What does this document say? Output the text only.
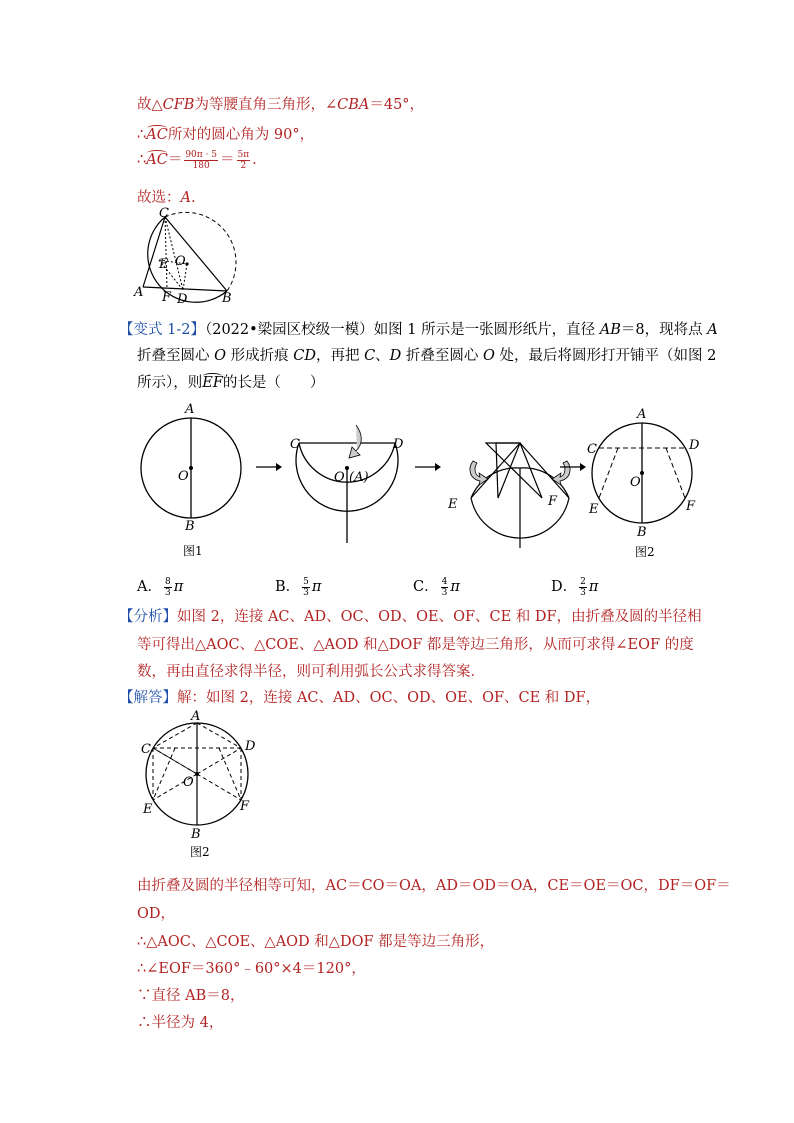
故△CFB为等腰直角三角形，∠CBA＝45°，
∴AC所对的圆心角为 90°，
∴AC＝ $\frac{90\pi \cdot 5}{180} = \frac{5\pi}{2}$ .
故选：A.
C
E O
A F D	B
【变式 1-2】（2022•梁园区校级一模）如图 1 所示是一张圆形纸片，直径 AB＝8，现将点 A
折叠至圆心 O 形成折痕 CD，再把 C、D 折叠至圆心 O 处，最后将圆形打开铺平（如图 2
所示），则EF的长是（　　）
A
O
B
图1
C	D
O (A)
E	F
A
C	D
O
E	F
B
图2
A． $\frac{8}{3}$ π	B． $\frac{5}{3}$ π	C． $\frac{4}{3}$ π	D． $\frac{2}{3}$ π
【分析】如图 2，连接 AC、AD、OC、OD、OE、OF、CE 和 DF，由折叠及圆的半径相
等可得出△AOC、△COE、△AOD 和△DOF 都是等边三角形，从而可求得∠EOF 的度
数，再由直径求得半径，则可利用弧长公式求得答案．
【解答】解：如图 2，连接 AC、AD、OC、OD、OE、OF、CE 和 DF，
A
C	D
O
E	F
B
图2
由折叠及圆的半径相等可知，AC＝CO＝OA，AD＝OD＝OA，CE＝OE＝OC，DF＝OF＝
OD，
∴△AOC、△COE、△AOD 和△DOF 都是等边三角形，
∴∠EOF＝360°﹣60°×4＝120°，
∵直径 AB＝8，
∴半径为 4，
